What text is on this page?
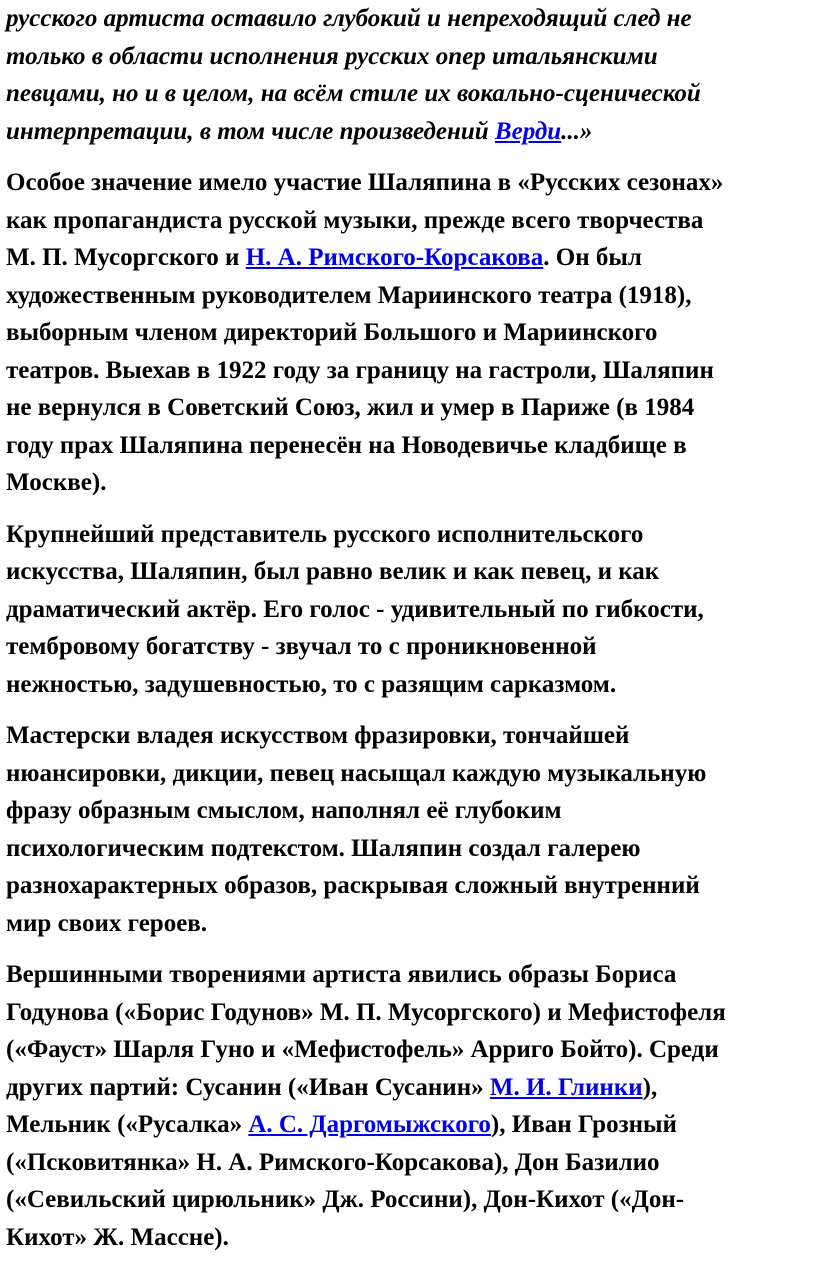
русского артиста оставило глубокий и непреходящий след не
только в области исполнения русских опер итальянскими
певцами, но и в целом, на всём стиле их вокально-сценической
интерпретации, в том числе произведений Верди...»

Особое значение имело участие Шаляпина в «Русских сезонах»
как пропагандиста русской музыки, прежде всего творчества
М. П. Мусоргского и Н. А. Римского-Корсакова. Он был
художественным руководителем Мариинского театра (1918),
выборным членом директорий Большого и Мариинского
театров. Выехав в 1922 году за границу на гастроли, Шаляпин
не вернулся в Советский Союз, жил и умер в Париже (в 1984
году прах Шаляпина перенесён на Новодевичье кладбище в
Москве).

Крупнейший представитель русского исполнительского
искусства, Шаляпин, был равно велик и как певец, и как
драматический актёр. Его голос - удивительный по гибкости,
тембровому богатству - звучал то с проникновенной
нежностью, задушевностью, то с разящим сарказмом.

Мастерски владея искусством фразировки, тончайшей
нюансировки, дикции, певец насыщал каждую музыкальную
фразу образным смыслом, наполнял её глубоким
психологическим подтекстом. Шаляпин создал галерею
разнохарактерных образов, раскрывая сложный внутренний
мир своих героев.

Вершинными творениями артиста явились образы Бориса
Годунова («Борис Годунов» М. П. Мусоргского) и Мефистофеля
(«Фауст» Шарля Гуно и «Мефистофель» Арриго Бойто). Среди
других партий: Сусанин («Иван Сусанин» М. И. Глинки),
Мельник («Русалка» А. С. Даргомыжского), Иван Грозный
(«Псковитянка» Н. А. Римского-Корсакова), Дон Базилио
(«Севильский цирюльник» Дж. Россини), Дон-Кихот («Дон-
Кихот» Ж. Массне).
